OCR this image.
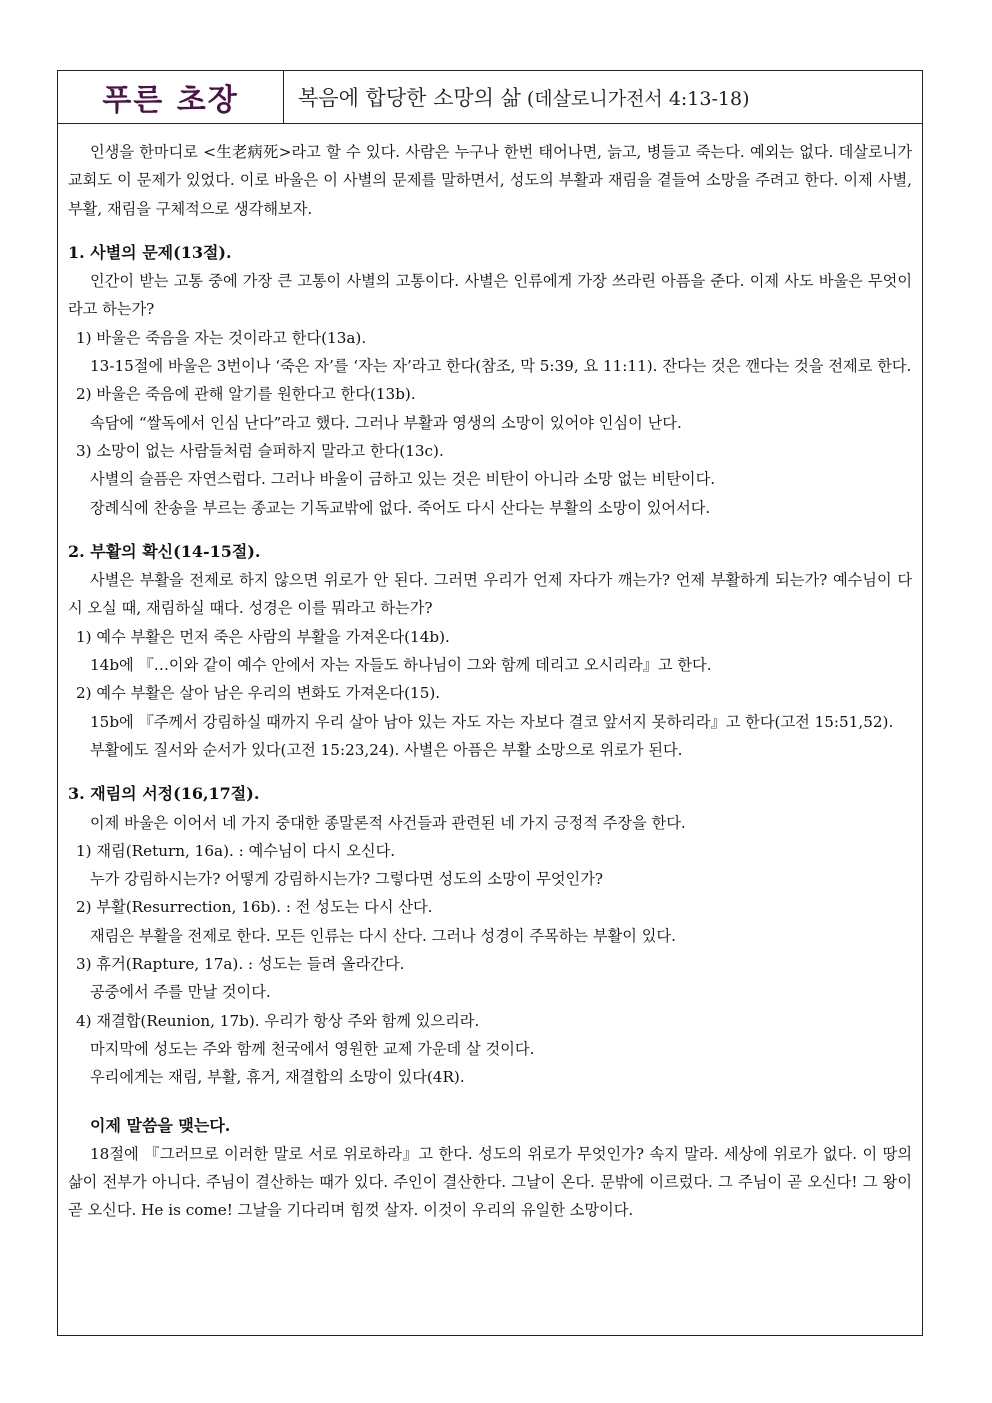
푸른 초장	복음에 합당한 소망의 삶 (데살로니가전서 4:13-18)
인생을 한마디로 <生老病死>라고 할 수 있다. 사람은 누구나 한번 태어나면, 늙고, 병들고 죽는다. 예외는 없다. 데살로니가 교회도 이 문제가 있었다. 이로 바울은 이 사별의 문제를 말하면서, 성도의 부활과 재림을 곁들여 소망을 주려고 한다. 이제 사별, 부활, 재림을 구체적으로 생각해보자.
1. 사별의 문제(13절).
인간이 받는 고통 중에 가장 큰 고통이 사별의 고통이다. 사별은 인류에게 가장 쓰라린 아픔을 준다. 이제 사도 바울은 무엇이라고 하는가?
1) 바울은 죽음을 자는 것이라고 한다(13a).
13-15절에 바울은 3번이나 ‘죽은 자’를 ‘자는 자’라고 한다(참조, 막 5:39, 요 11:11). 잔다는 것은 깬다는 것을 전제로 한다.
2) 바울은 죽음에 관해 알기를 원한다고 한다(13b).
속담에 “쌀독에서 인심 난다”라고 했다. 그러나 부활과 영생의 소망이 있어야 인심이 난다.
3) 소망이 없는 사람들처럼 슬퍼하지 말라고 한다(13c).
사별의 슬픔은 자연스럽다. 그러나 바울이 금하고 있는 것은 비탄이 아니라 소망 없는 비탄이다.
장례식에 찬송을 부르는 종교는 기독교밖에 없다. 죽어도 다시 산다는 부활의 소망이 있어서다.
2. 부활의 확신(14-15절).
사별은 부활을 전제로 하지 않으면 위로가 안 된다. 그러면 우리가 언제 자다가 깨는가? 언제 부활하게 되는가? 예수님이 다시 오실 때, 재림하실 때다. 성경은 이를 뭐라고 하는가?
1) 예수 부활은 먼저 죽은 사람의 부활을 가져온다(14b).
14b에 『…이와 같이 예수 안에서 자는 자들도 하나님이 그와 함께 데리고 오시리라』고 한다.
2) 예수 부활은 살아 남은 우리의 변화도 가져온다(15).
15b에 『주께서 강림하실 때까지 우리 살아 남아 있는 자도 자는 자보다 결코 앞서지 못하리라』고 한다(고전 15:51,52).
부활에도 질서와 순서가 있다(고전 15:23,24). 사별은 아픔은 부활 소망으로 위로가 된다.
3. 재림의 서정(16,17절).
이제 바울은 이어서 네 가지 중대한 종말론적 사건들과 관련된 네 가지 긍정적 주장을 한다.
1) 재림(Return, 16a). : 예수님이 다시 오신다.
누가 강림하시는가? 어떻게 강림하시는가? 그렇다면 성도의 소망이 무엇인가?
2) 부활(Resurrection, 16b). : 전 성도는 다시 산다.
재림은 부활을 전제로 한다. 모든 인류는 다시 산다. 그러나 성경이 주목하는 부활이 있다.
3) 휴거(Rapture, 17a). : 성도는 들려 올라간다.
공중에서 주를 만날 것이다.
4) 재결합(Reunion, 17b). 우리가 항상 주와 함께 있으리라.
마지막에 성도는 주와 함께 천국에서 영원한 교제 가운데 살 것이다.
우리에게는 재림, 부활, 휴거, 재결합의 소망이 있다(4R).
이제 말씀을 맺는다.
18절에 『그러므로 이러한 말로 서로 위로하라』고 한다. 성도의 위로가 무엇인가? 속지 말라. 세상에 위로가 없다. 이 땅의 삶이 전부가 아니다. 주님이 결산하는 때가 있다. 주인이 결산한다. 그날이 온다. 문밖에 이르렀다. 그 주님이 곧 오신다! 그 왕이 곧 오신다. He is come! 그날을 기다리며 힘껏 살자. 이것이 우리의 유일한 소망이다.
